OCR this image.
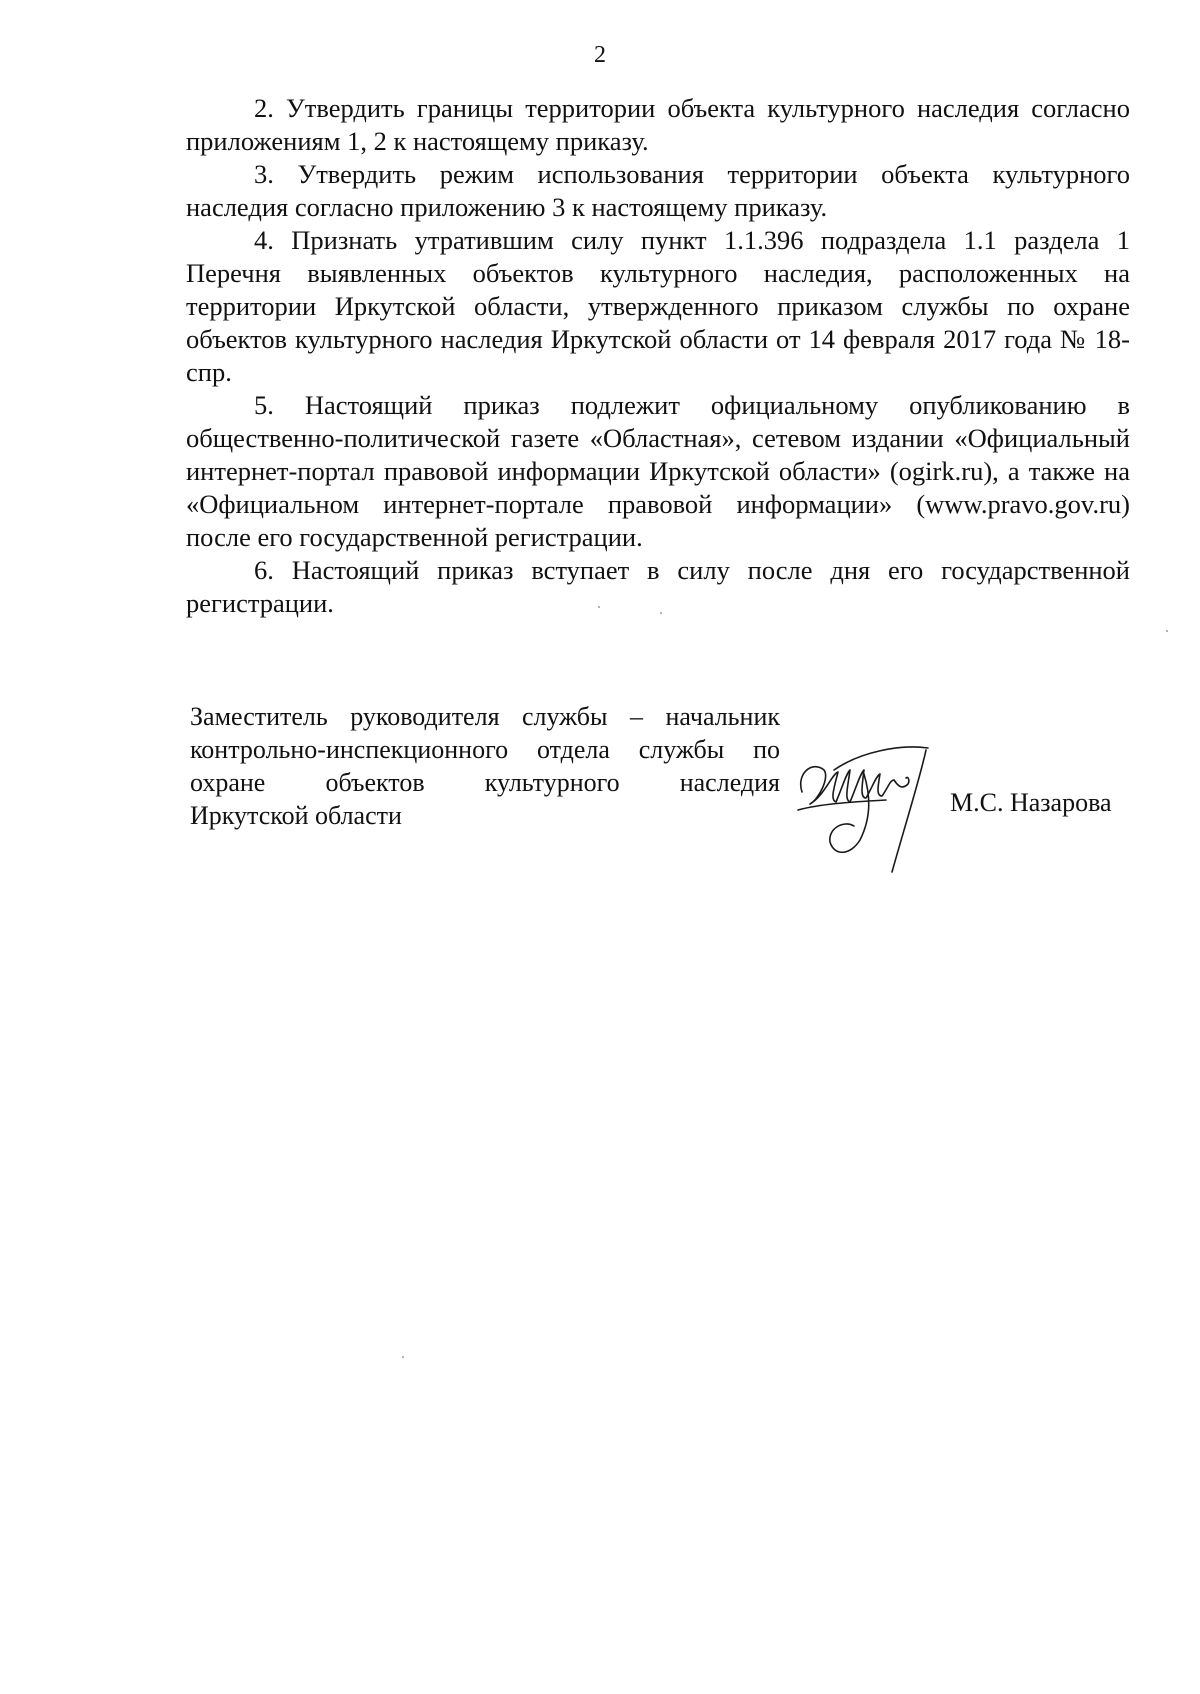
2

2. Утвердить границы территории объекта культурного наследия согласно приложениям 1, 2 к настоящему приказу.

3. Утвердить режим использования территории объекта культурного наследия согласно приложению 3 к настоящему приказу.

4. Признать утратившим силу пункт 1.1.396 подраздела 1.1 раздела 1 Перечня выявленных объектов культурного наследия, расположенных на территории Иркутской области, утвержденного приказом службы по охране объектов культурного наследия Иркутской области от 14 февраля 2017 года № 18-спр.

5. Настоящий приказ подлежит официальному опубликованию в общественно-политической газете «Областная», сетевом издании «Официальный интернет-портал правовой информации Иркутской области» (ogirk.ru), а также на «Официальном интернет-портале правовой информации» (www.pravo.gov.ru) после его государственной регистрации.

6. Настоящий приказ вступает в силу после дня его государственной регистрации.

Заместитель руководителя службы – начальник
контрольно-инспекционного отдела службы по
охране объектов культурного наследия
Иркутской области	М.С. Назарова
